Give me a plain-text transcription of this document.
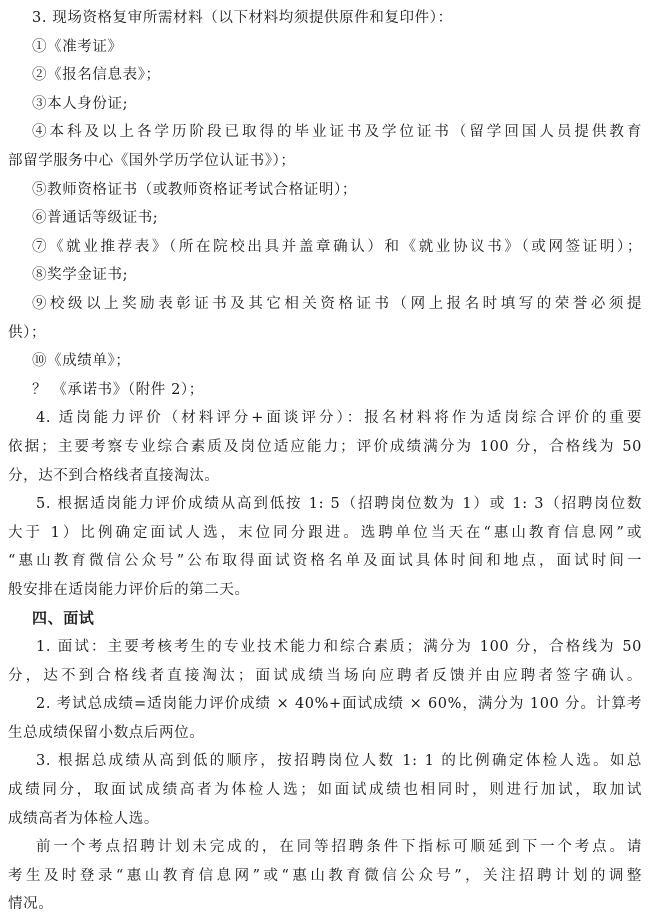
3. 现场资格复审所需材料（以下材料均须提供原件和复印件）：
①《准考证》
②《报名信息表》；
③本人身份证;
④本科及以上各学历阶段已取得的毕业证书及学位证书（留学回国人员提供教育
部留学服务中心《国外学历学位认证书》）；
⑤教师资格证书（或教师资格证考试合格证明）；
⑥普通话等级证书;
⑦《就业推荐表》（所在院校出具并盖章确认）和《就业协议书》（或网签证明）；
⑧奖学金证书;
⑨校级以上奖励表彰证书及其它相关资格证书（网上报名时填写的荣誉必须提
供）；
⑩《成绩单》；
？ 《承诺书》（附件 2）；
4. 适岗能力评价（材料评分+面谈评分）：报名材料将作为适岗综合评价的重要
依据；主要考察专业综合素质及岗位适应能力；评价成绩满分为 100 分，合格线为 50
分，达不到合格线者直接淘汰。
5. 根据适岗能力评价成绩从高到低按 1: 5（招聘岗位数为 1）或 1: 3（招聘岗位数
大于 1）比例确定面试人选，末位同分跟进。选聘单位当天在“惠山教育信息网”或
“惠山教育微信公众号”公布取得面试资格名单及面试具体时间和地点，面试时间一
般安排在适岗能力评价后的第二天。
四、面试
1. 面试：主要考核考生的专业技术能力和综合素质；满分为 100 分，合格线为 50
分，达不到合格线者直接淘汰；面试成绩当场向应聘者反馈并由应聘者签字确认。
2. 考试总成绩=适岗能力评价成绩 × 40%+面试成绩 × 60%，满分为 100 分。计算考
生总成绩保留小数点后两位。
3. 根据总成绩从高到低的顺序，按招聘岗位人数 1: 1 的比例确定体检人选。如总
成绩同分，取面试成绩高者为体检人选；如面试成绩也相同时，则进行加试，取加试
成绩高者为体检人选。
前一个考点招聘计划未完成的，在同等招聘条件下指标可顺延到下一个考点。请
考生及时登录“惠山教育信息网”或“惠山教育微信公众号”，关注招聘计划的调整
情况。
